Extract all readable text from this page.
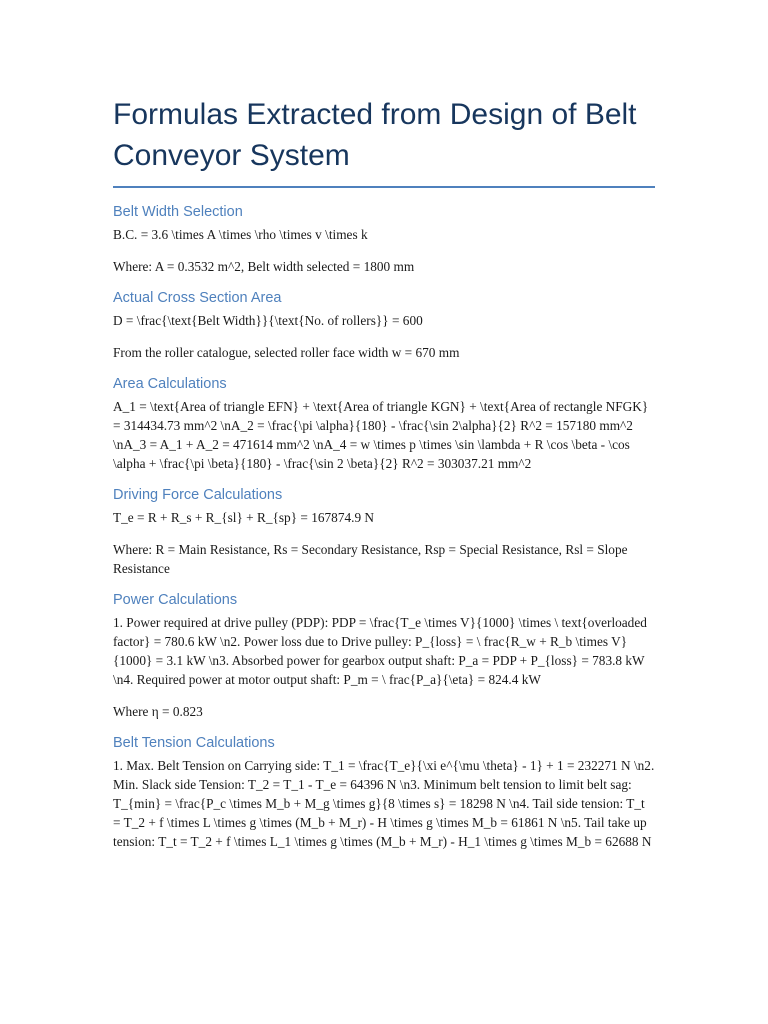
Formulas Extracted from Design of Belt Conveyor System
Belt Width Selection

B.C. = 3.6 \times A \times \rho \times v \times k

Where: A = 0.3532 m^2, Belt width selected = 1800 mm

Actual Cross Section Area

D = \frac{\text{Belt Width}}{\text{No. of rollers}} = 600

From the roller catalogue, selected roller face width w = 670 mm

Area Calculations

A_1 = \text{Area of triangle EFN} + \text{Area of triangle KGN} + \text{Area of rectangle NFGK} = 314434.73 mm^2 \nA_2 = \frac{\pi \alpha}{180} - \frac{\sin 2\alpha}{2} R^2 = 157180 mm^2 \nA_3 = A_1 + A_2 = 471614 mm^2 \nA_4 = w \times p \times \sin \lambda + R \cos \beta - \cos \alpha + \frac{\pi \beta}{180} - \frac{\sin 2 \beta}{2} R^2 = 303037.21 mm^2

Driving Force Calculations

T_e = R + R_s + R_{sl} + R_{sp} = 167874.9 N

Where: R = Main Resistance, Rs = Secondary Resistance, Rsp = Special Resistance, Rsl = Slope Resistance

Power Calculations

1. Power required at drive pulley (PDP): PDP = \frac{T_e \times V}{1000} \times \ text{overloaded factor} = 780.6 kW \n2. Power loss due to Drive pulley: P_{loss} = \ frac{R_w + R_b \times V}{1000} = 3.1 kW \n3. Absorbed power for gearbox output shaft: P_a = PDP + P_{loss} = 783.8 kW \n4. Required power at motor output shaft: P_m = \ frac{P_a}{\eta} = 824.4 kW

Where η = 0.823

Belt Tension Calculations

1. Max. Belt Tension on Carrying side: T_1 = \frac{T_e}{\xi e^{\mu \theta} - 1} + 1 = 232271 N \n2. Min. Slack side Tension: T_2 = T_1 - T_e = 64396 N \n3. Minimum belt tension to limit belt sag: T_{min} = \frac{P_c \times M_b + M_g \times g}{8 \times s} = 18298 N \n4. Tail side tension: T_t = T_2 + f \times L \times g \times (M_b + M_r) - H \times g \times M_b = 61861 N \n5. Tail take up tension: T_t = T_2 + f \times L_1 \times g \times (M_b + M_r) - H_1 \times g \times M_b = 62688 N
